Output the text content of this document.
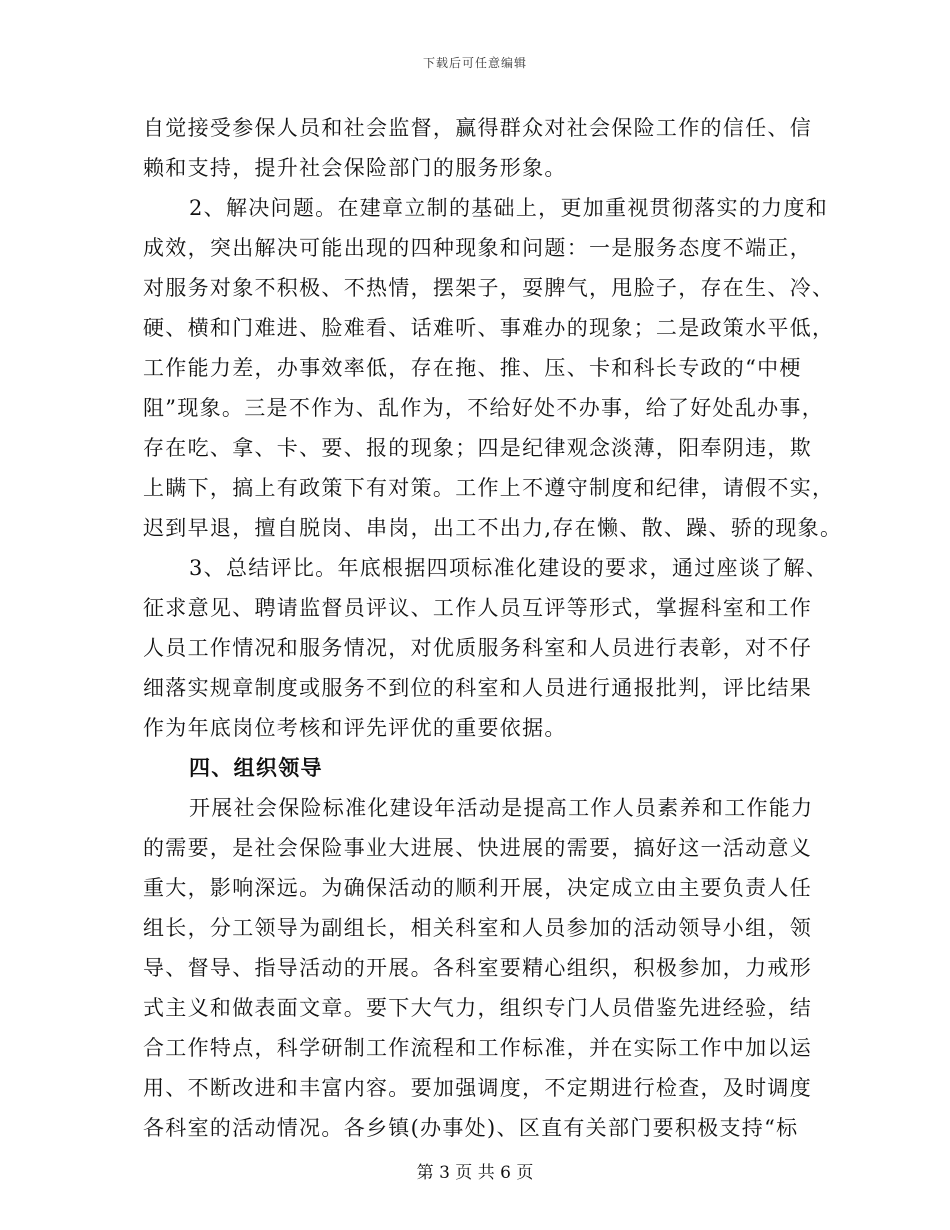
下载后可任意编辑
自觉接受参保人员和社会监督，赢得群众对社会保险工作的信任、信
赖和支持，提升社会保险部门的服务形象。
2、解决问题。在建章立制的基础上，更加重视贯彻落实的力度和
成效，突出解决可能出现的四种现象和问题：一是服务态度不端正，
对服务对象不积极、不热情，摆架子，耍脾气，甩脸子，存在生、冷、
硬、横和门难进、脸难看、话难听、事难办的现象；二是政策水平低，
工作能力差，办事效率低，存在拖、推、压、卡和科长专政的“中梗
阻”现象。三是不作为、乱作为，不给好处不办事，给了好处乱办事，
存在吃、拿、卡、要、报的现象；四是纪律观念淡薄，阳奉阴违，欺
上瞒下，搞上有政策下有对策。工作上不遵守制度和纪律，请假不实，
迟到早退，擅自脱岗、串岗，出工不出力,存在懒、散、躁、骄的现象。
3、总结评比。年底根据四项标准化建设的要求，通过座谈了解、
征求意见、聘请监督员评议、工作人员互评等形式，掌握科室和工作
人员工作情况和服务情况，对优质服务科室和人员进行表彰，对不仔
细落实规章制度或服务不到位的科室和人员进行通报批判，评比结果
作为年底岗位考核和评先评优的重要依据。
四、组织领导
开展社会保险标准化建设年活动是提高工作人员素养和工作能力
的需要，是社会保险事业大进展、快进展的需要，搞好这一活动意义
重大，影响深远。为确保活动的顺利开展，决定成立由主要负责人任
组长，分工领导为副组长，相关科室和人员参加的活动领导小组，领
导、督导、指导活动的开展。各科室要精心组织，积极参加，力戒形
式主义和做表面文章。要下大气力，组织专门人员借鉴先进经验，结
合工作特点，科学研制工作流程和工作标准，并在实际工作中加以运
用、不断改进和丰富内容。要加强调度，不定期进行检查，及时调度
各科室的活动情况。各乡镇(办事处)、区直有关部门要积极支持“标
第 3 页 共 6 页
